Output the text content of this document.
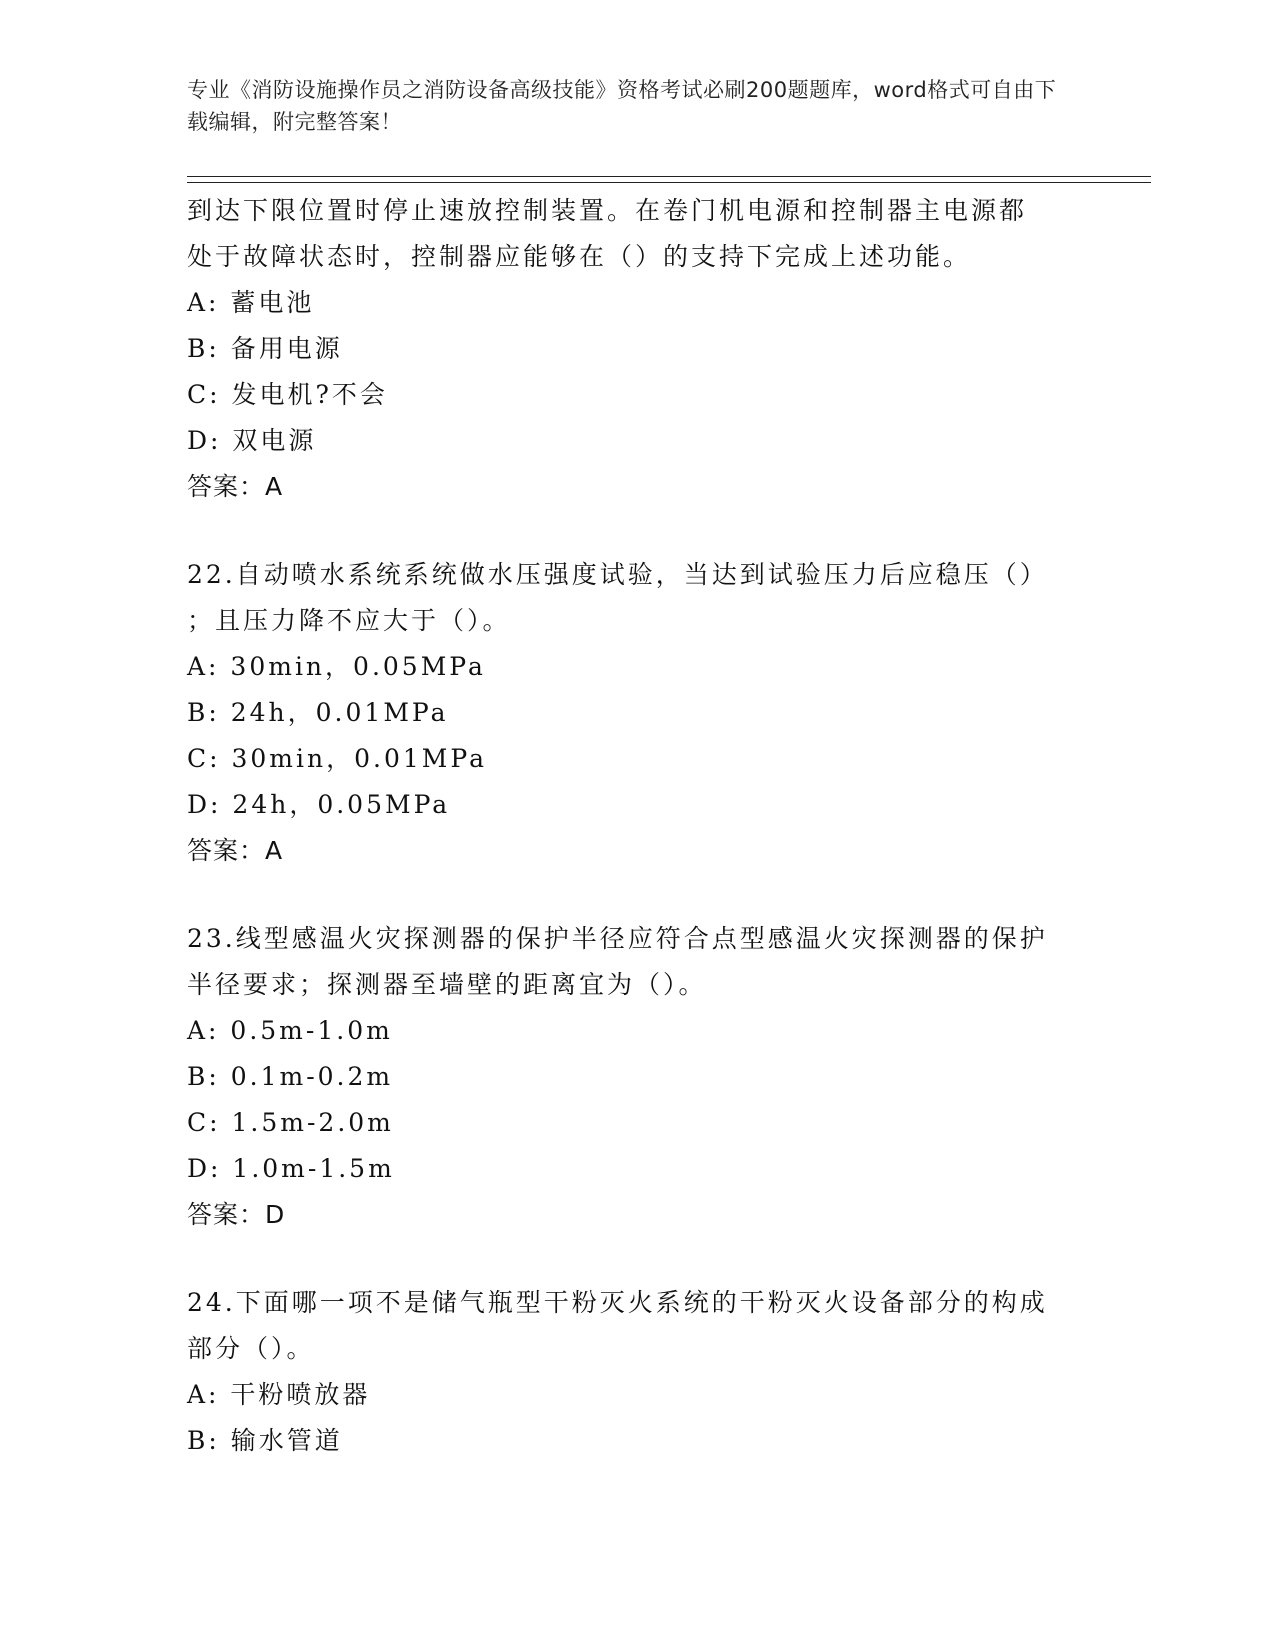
专业《消防设施操作员之消防设备高级技能》资格考试必刷200题题库，word格式可自由下载编辑，附完整答案！

到达下限位置时停止速放控制装置。在卷门机电源和控制器主电源都

处于故障状态时，控制器应能够在（）的支持下完成上述功能。

A: 蓄电池

B: 备用电源

C: 发电机?不会

D: 双电源

答案：A

22.自动喷水系统系统做水压强度试验，当达到试验压力后应稳压（）

；且压力降不应大于（）。

A: 30min，0.05MPa

B: 24h，0.01MPa

C: 30min，0.01MPa

D: 24h，0.05MPa

答案：A

23.线型感温火灾探测器的保护半径应符合点型感温火灾探测器的保护

半径要求；探测器至墙壁的距离宜为（）。

A: 0.5m-1.0m

B: 0.1m-0.2m

C: 1.5m-2.0m

D: 1.0m-1.5m

答案：D

24.下面哪一项不是储气瓶型干粉灭火系统的干粉灭火设备部分的构成

部分（）。

A: 干粉喷放器

B: 输水管道
